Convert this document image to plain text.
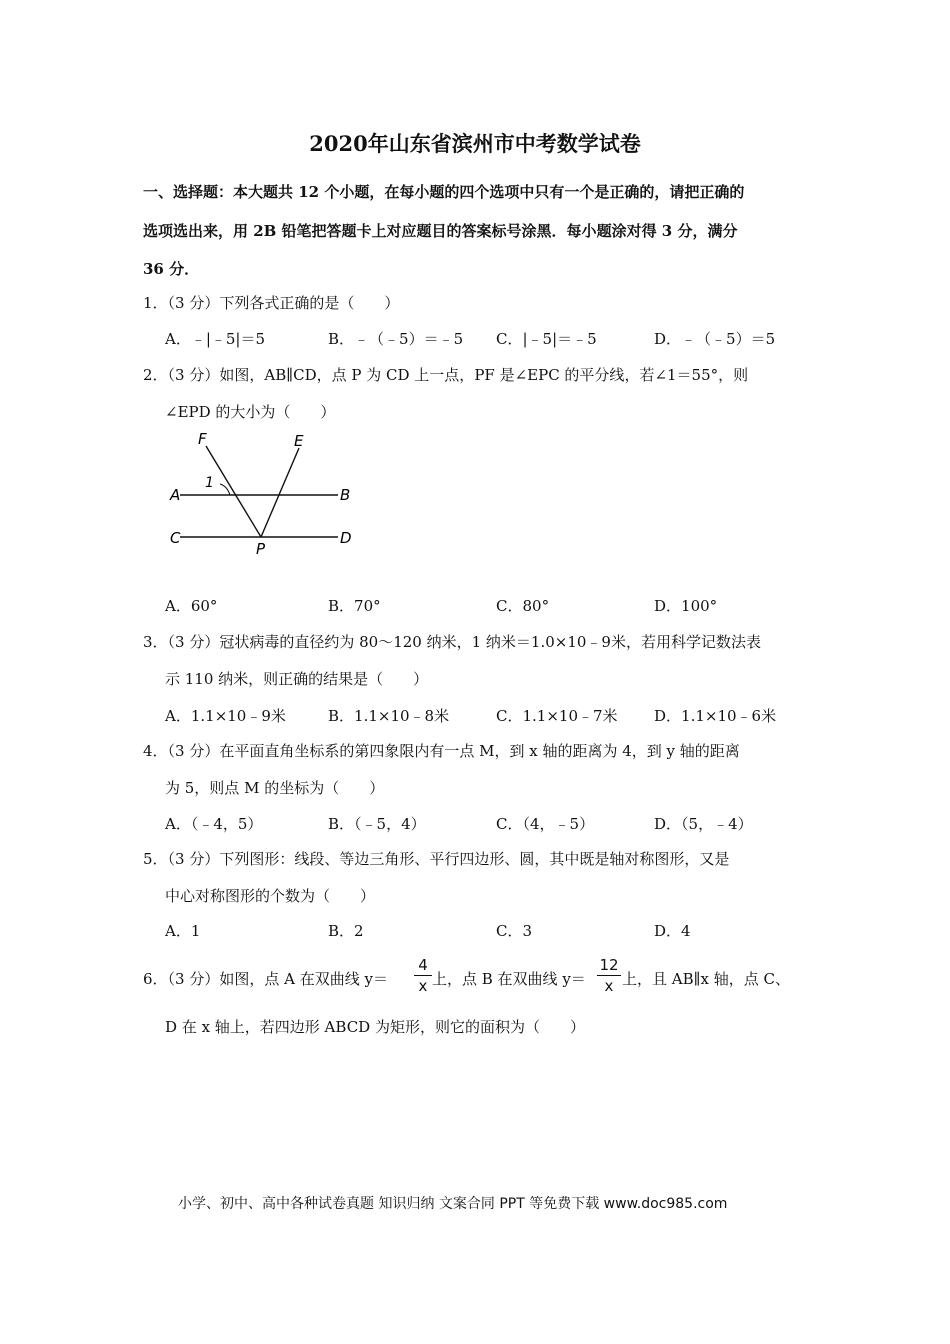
2020年山东省滨州市中考数学试卷
一、选择题：本大题共 12 个小题，在每小题的四个选项中只有一个是正确的，请把正确的
选项选出来，用 2B 铅笔把答题卡上对应题目的答案标号涂黑．每小题涂对得 3 分，满分
36 分．
1．（3 分）下列各式正确的是（　　）
A．﹣|﹣5|＝5	B．﹣（﹣5）＝﹣5 C．|﹣5|＝﹣5	D．﹣（﹣5）＝5
2．（3 分）如图，AB∥CD，点 P 为 CD 上一点，PF 是∠EPC 的平分线，若∠1＝55°，则
∠EPD 的大小为（　　）
F	E
A	B
C	D
P
1
A．60°	B．70°	C．80°	D．100°
3．（3 分）冠状病毒的直径约为 80～120 纳米，1 纳米＝1.0×10﹣9米，若用科学记数法表
示 110 纳米，则正确的结果是（　　）
A．1.1×10﹣9米	B．1.1×10﹣8米	C．1.1×10﹣7米 D．1.1×10﹣6米
4．（3 分）在平面直角坐标系的第四象限内有一点 M，到 x 轴的距离为 4，到 y 轴的距离
为 5，则点 M 的坐标为（　　）
A．（﹣4，5）	B．（﹣5，4）	C．（4，﹣5）	D．（5，﹣4）
5．（3 分）下列图形：线段、等边三角形、平行四边形、圆，其中既是轴对称图形，又是
中心对称图形的个数为（　　）
A．1	B．2	C．3	D．4
6．（3 分）如图，点 A 在双曲线 y＝
4
x 上，点 B 在双曲线 y＝
12
x 上，且 AB∥x 轴，点 C、
D 在 x 轴上，若四边形 ABCD 为矩形，则它的面积为（　　）
小学、初中、高中各种试卷真题 知识归纳 文案合同 PPT 等免费下载 www.doc985.com
